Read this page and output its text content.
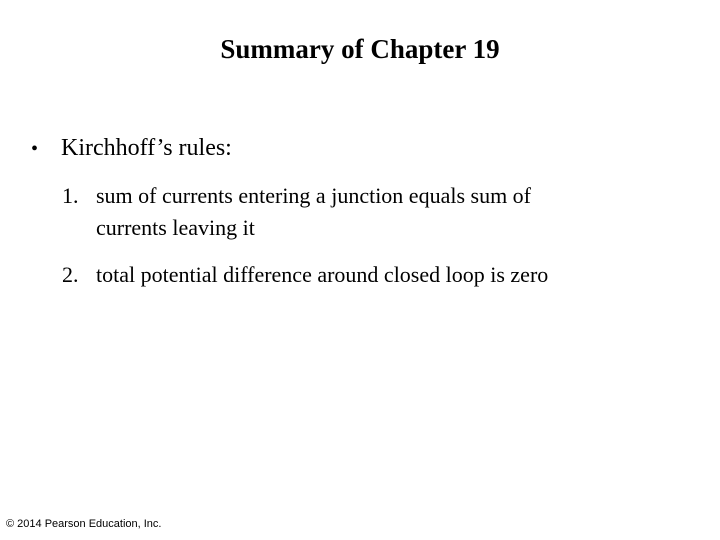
Summary of Chapter 19
• Kirchhoff’s rules:
1. sum of currents entering a junction equals sum of
currents leaving it
2. total potential difference around closed loop is zero
© 2014 Pearson Education, Inc.
